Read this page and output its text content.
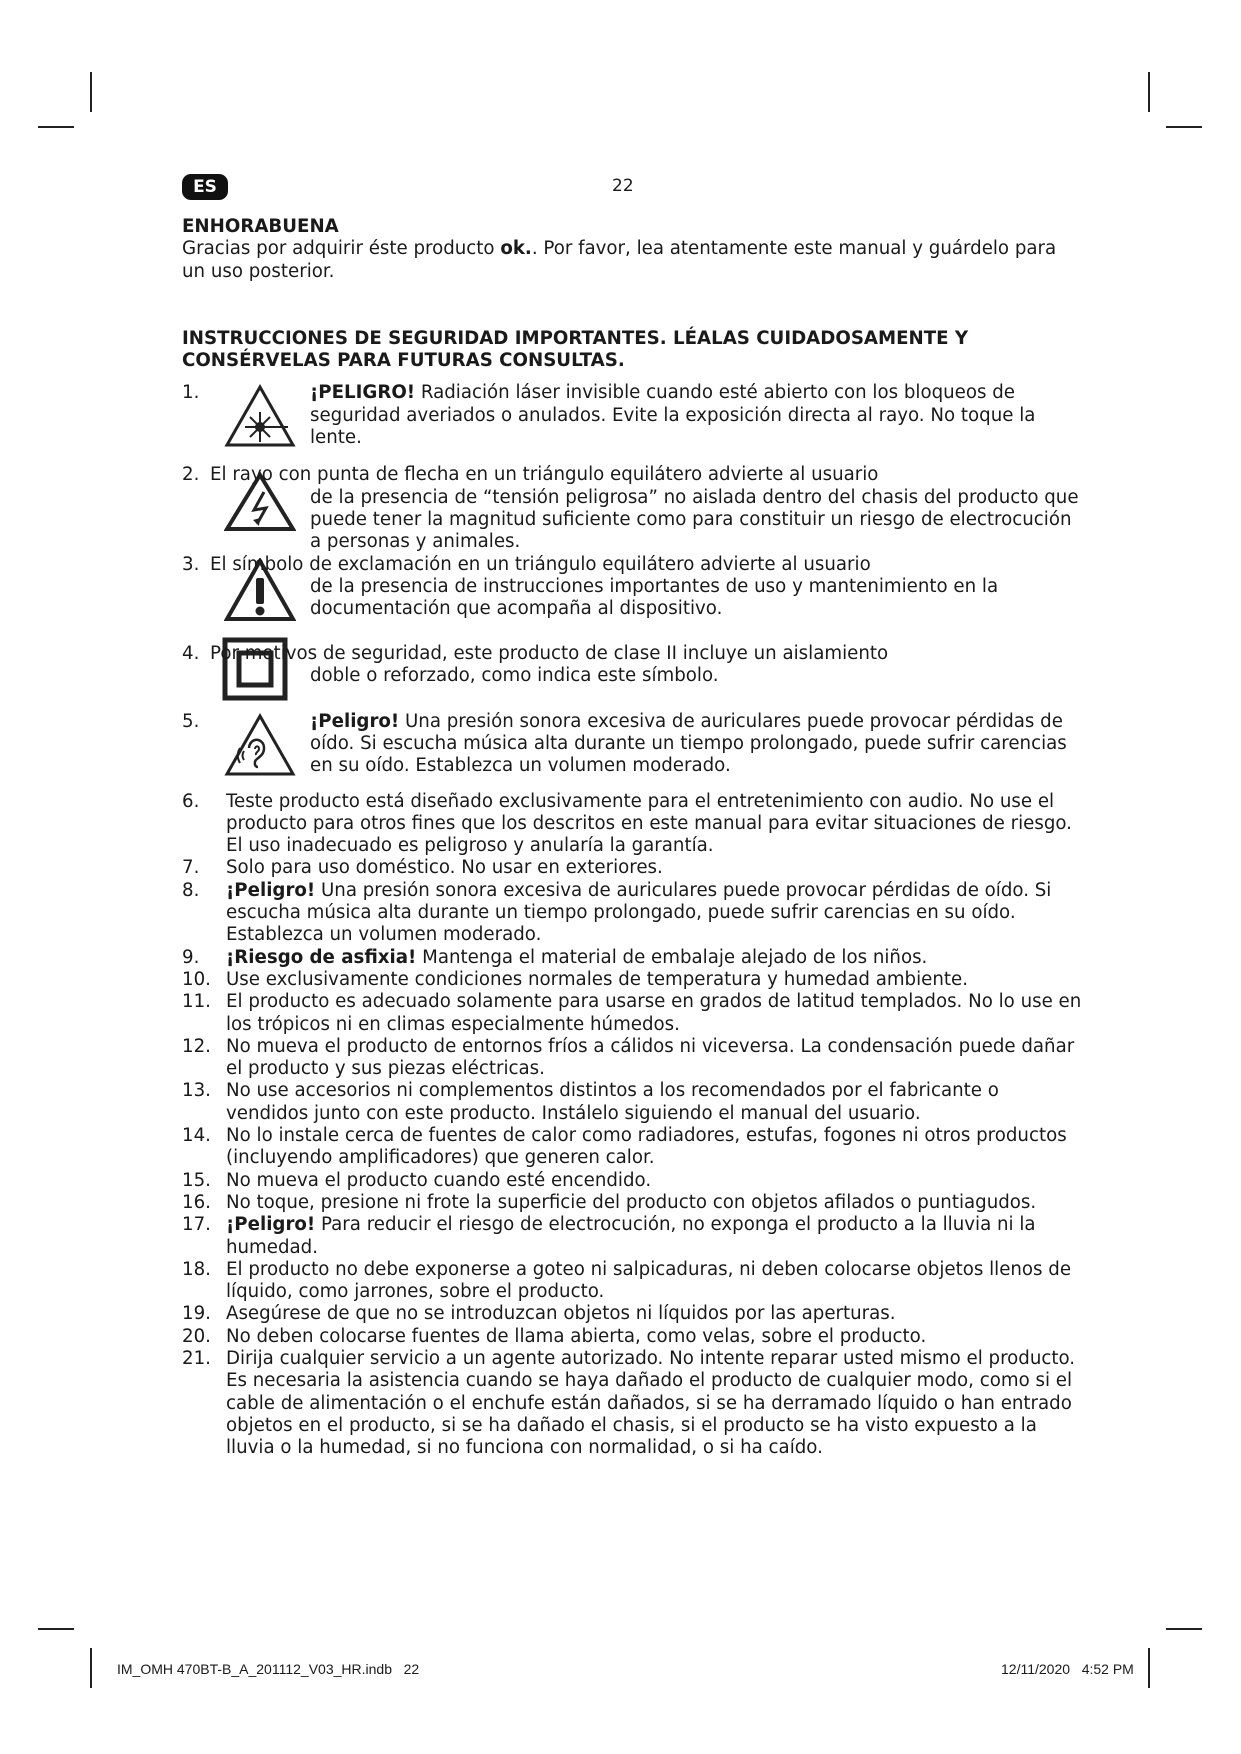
ES	22

ENHORABUENA

Gracias por adquirir éste producto ok.. Por favor, lea atentamente este manual y guárdelo para un uso posterior.

INSTRUCCIONES DE SEGURIDAD IMPORTANTES. LÉALAS CUIDADOSAMENTE Y CONSÉRVELAS PARA FUTURAS CONSULTAS.

1.	¡PELIGRO! Radiación láser invisible cuando esté abierto con los bloqueos de seguridad averiados o anulados. Evite la exposición directa al rayo. No toque la lente.

2. El rayo con punta de flecha en un triángulo equilátero advierte al usuario

de la presencia de “tensión peligrosa” no aislada dentro del chasis del producto que puede tener la magnitud suficiente como para constituir un riesgo de electrocución a personas y animales.

3. El símbolo de exclamación en un triángulo equilátero advierte al usuario

de la presencia de instrucciones importantes de uso y mantenimiento en la documentación que acompaña al dispositivo.

4. Por motivos de seguridad, este producto de clase II incluye un aislamiento

doble o reforzado, como indica este símbolo.

5.	¡Peligro! Una presión sonora excesiva de auriculares puede provocar pérdidas de oído. Si escucha música alta durante un tiempo prolongado, puede sufrir carencias en su oído. Establezca un volumen moderado.

6. Teste producto está diseñado exclusivamente para el entretenimiento con audio. No use el producto para otros fines que los descritos en este manual para evitar situaciones de riesgo. El uso inadecuado es peligroso y anularía la garantía.
7. Solo para uso doméstico. No usar en exteriores.
8. ¡Peligro! Una presión sonora excesiva de auriculares puede provocar pérdidas de oído. Si escucha música alta durante un tiempo prolongado, puede sufrir carencias en su oído. Establezca un volumen moderado.
9. ¡Riesgo de asfixia! Mantenga el material de embalaje alejado de los niños.
10. Use exclusivamente condiciones normales de temperatura y humedad ambiente.
11. El producto es adecuado solamente para usarse en grados de latitud templados. No lo use en los trópicos ni en climas especialmente húmedos.
12. No mueva el producto de entornos fríos a cálidos ni viceversa. La condensación puede dañar el producto y sus piezas eléctricas.
13. No use accesorios ni complementos distintos a los recomendados por el fabricante o vendidos junto con este producto. Instálelo siguiendo el manual del usuario.
14. No lo instale cerca de fuentes de calor como radiadores, estufas, fogones ni otros productos (incluyendo amplificadores) que generen calor.
15. No mueva el producto cuando esté encendido.
16. No toque, presione ni frote la superficie del producto con objetos afilados o puntiagudos.
17. ¡Peligro! Para reducir el riesgo de electrocución, no exponga el producto a la lluvia ni la humedad.
18. El producto no debe exponerse a goteo ni salpicaduras, ni deben colocarse objetos llenos de líquido, como jarrones, sobre el producto.
19. Asegúrese de que no se introduzcan objetos ni líquidos por las aperturas.
20. No deben colocarse fuentes de llama abierta, como velas, sobre el producto.
21. Dirija cualquier servicio a un agente autorizado. No intente reparar usted mismo el producto. Es necesaria la asistencia cuando se haya dañado el producto de cualquier modo, como si el cable de alimentación o el enchufe están dañados, si se ha derramado líquido o han entrado objetos en el producto, si se ha dañado el chasis, si el producto se ha visto expuesto a la lluvia o la humedad, si no funciona con normalidad, o si ha caído.
IM_OMH 470BT-B_A_201112_V03_HR.indb   22	12/11/2020   4:52 PM
